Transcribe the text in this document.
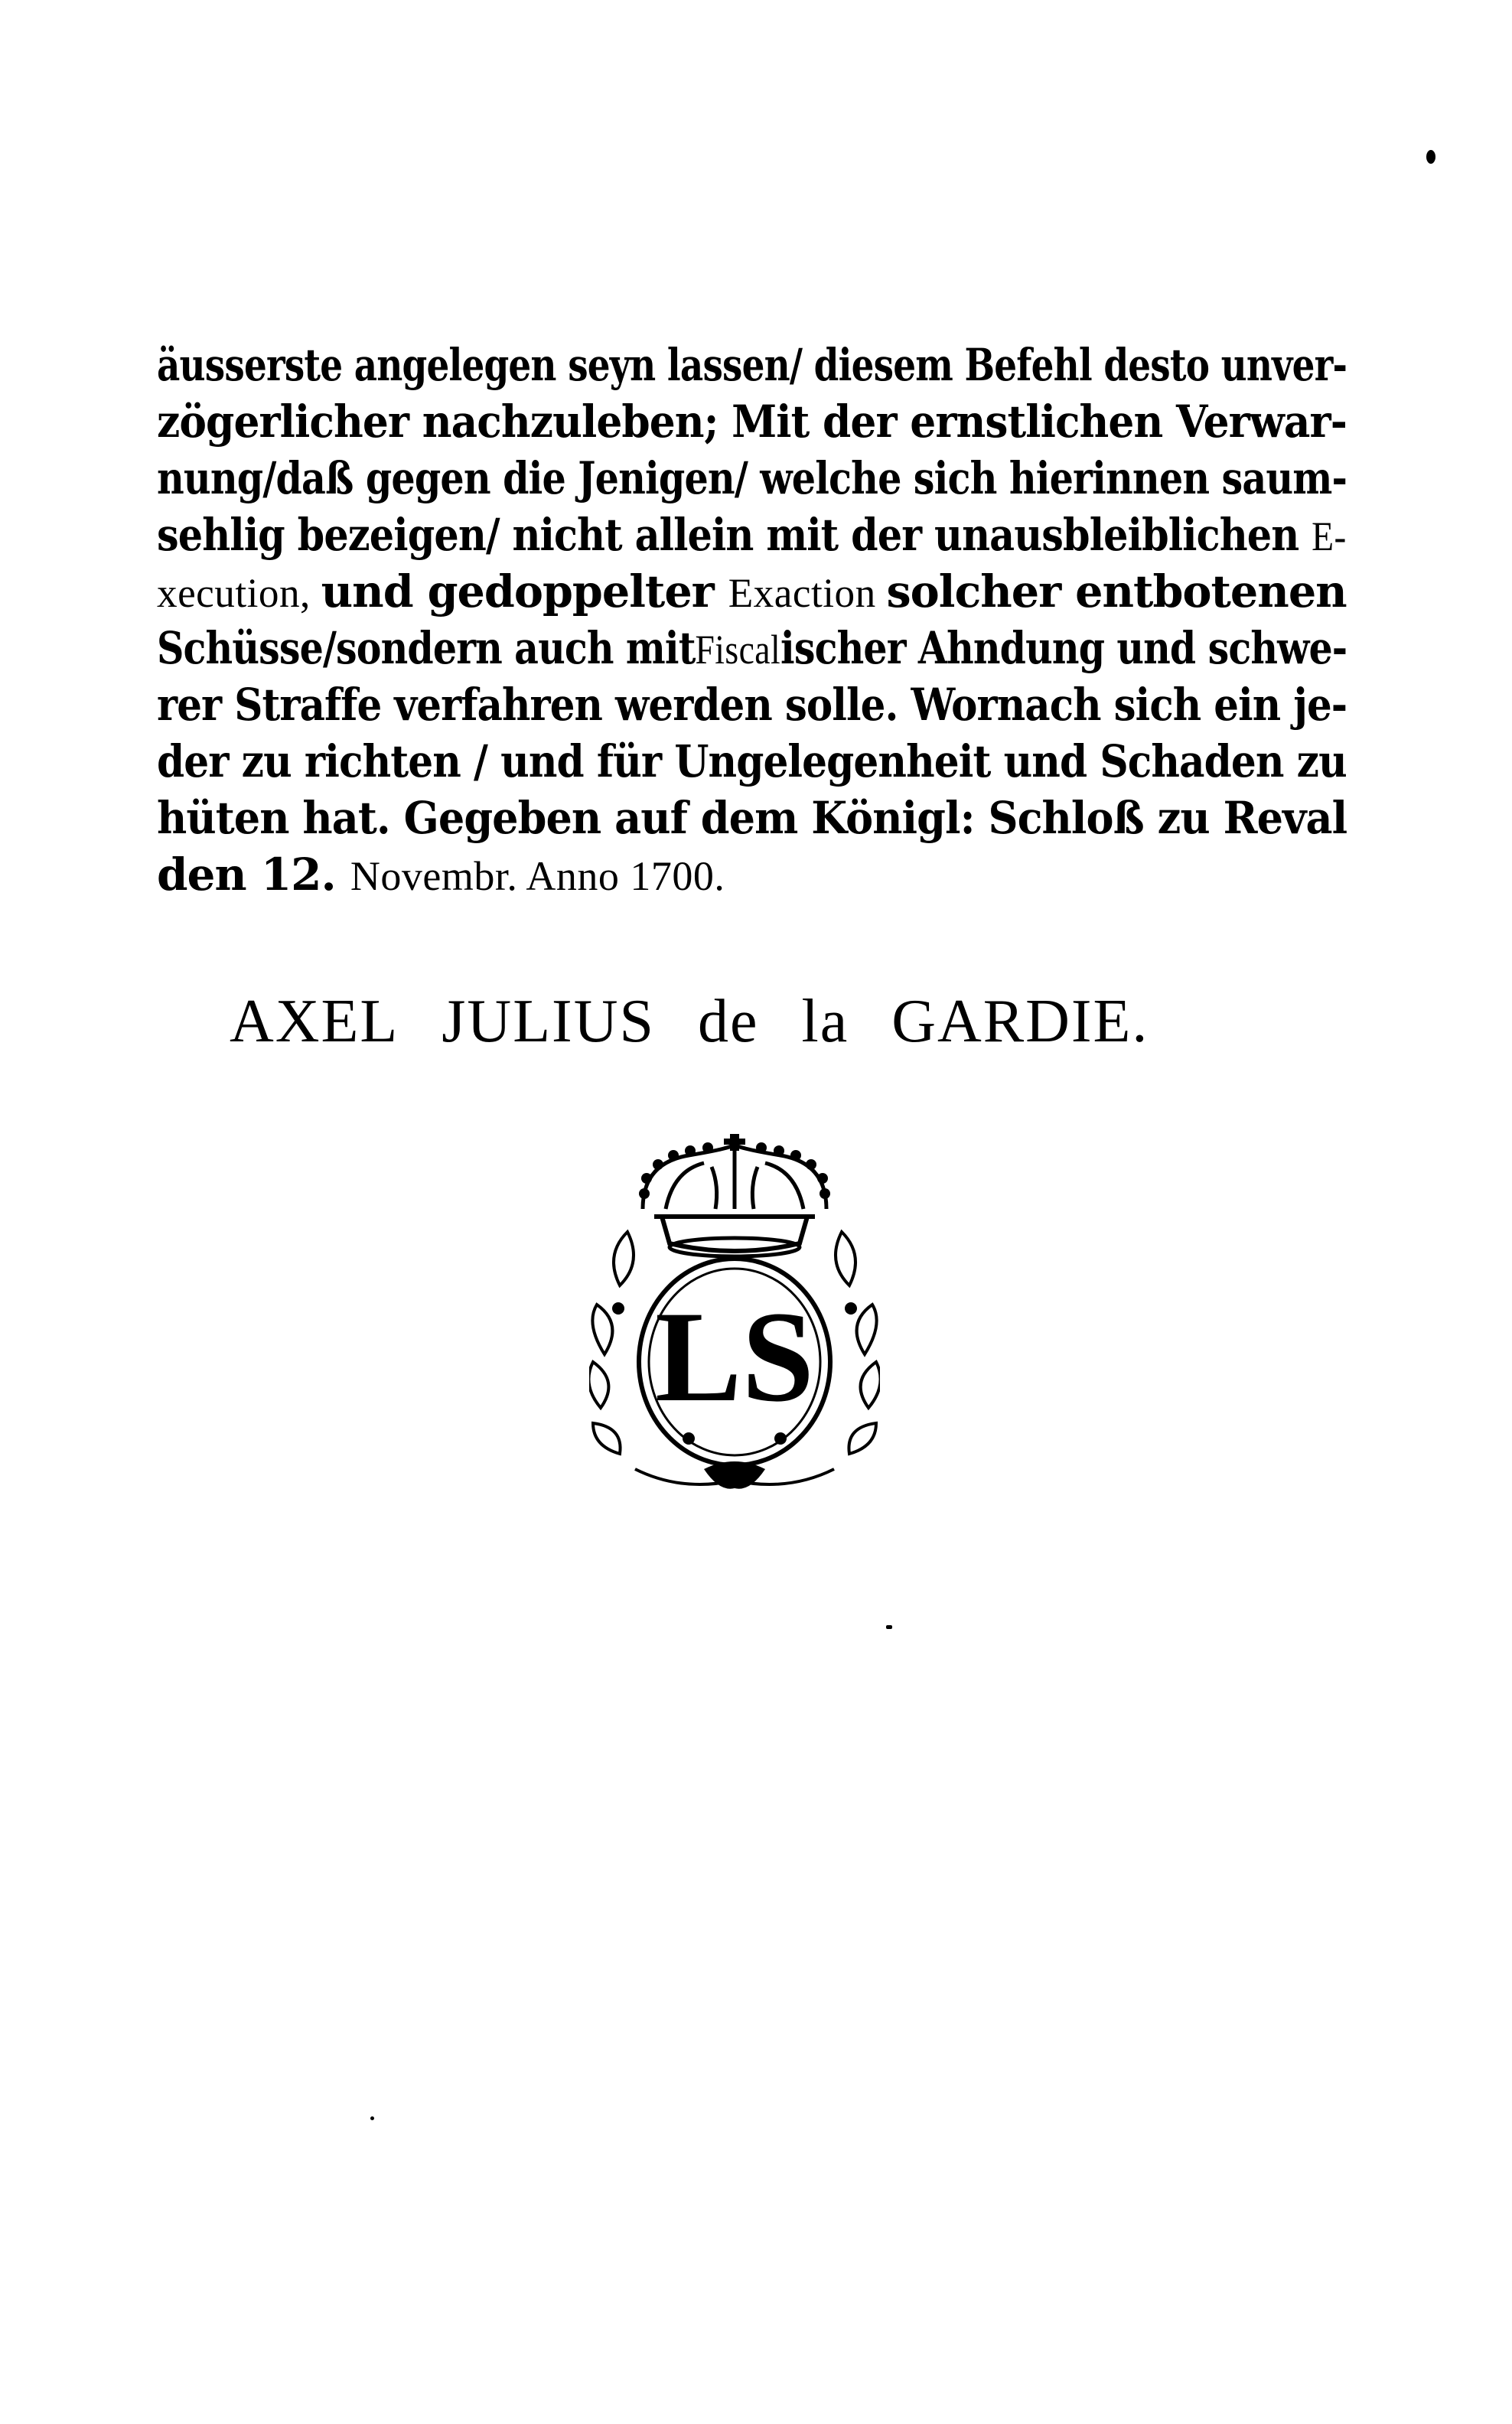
äusserste angelegen seyn lassen/ diesem Befehl desto unver-
zögerlicher nachzuleben; Mit der ernstlichen Verwar-
nung/daß gegen die Jenigen/ welche sich hierinnen saum-
sehlig bezeigen/ nicht allein mit der unausbleiblichen E-
xecution, und gedoppelter Exaction solcher entbotenen
Schüsse/sondern auch mitFiscalischer Ahndung und schwe-
rer Straffe verfahren werden solle. Wornach sich ein je-
der zu richten / und für Ungelegenheit und Schaden zu
hüten hat. Gegeben auf dem Königl: Schloß zu Reval
den 12. Novembr. Anno 1700.
AXEL JULIUS de la GARDIE.
LS
